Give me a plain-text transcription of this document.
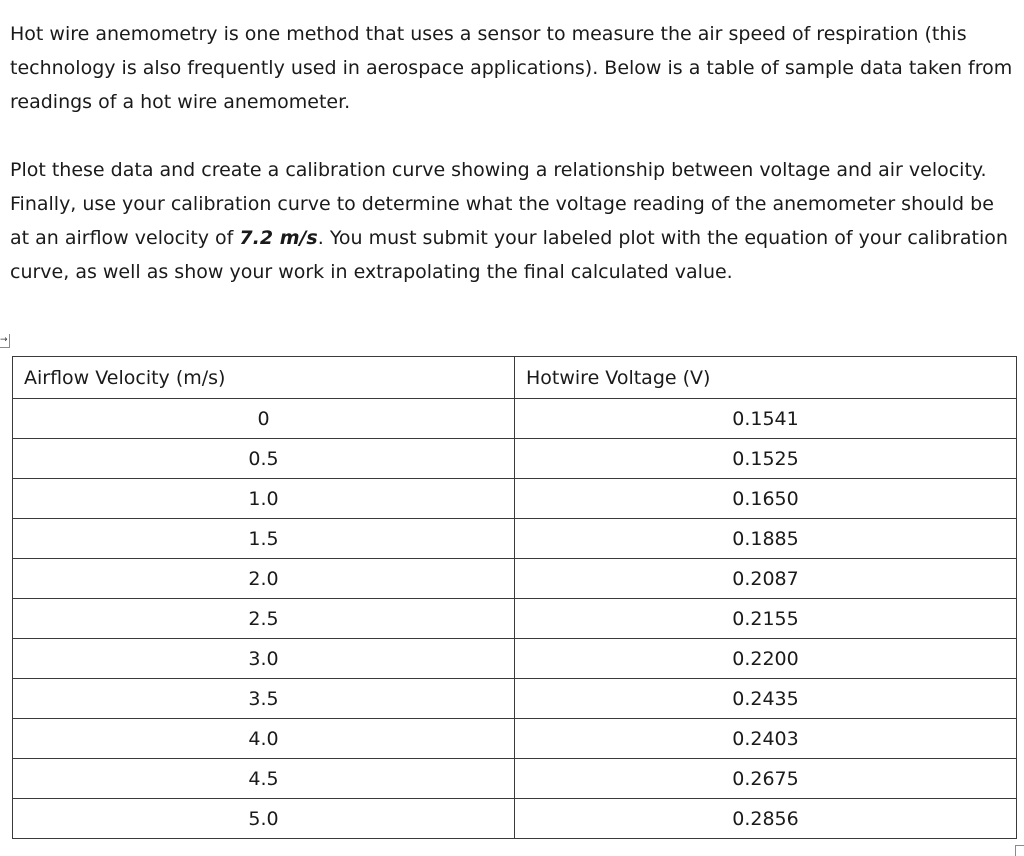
Hot wire anemometry is one method that uses a sensor to measure the air speed of respiration (this technology is also frequently used in aerospace applications). Below is a table of sample data taken from readings of a hot wire anemometer.

Plot these data and create a calibration curve showing a relationship between voltage and air velocity. Finally, use your calibration curve to determine what the voltage reading of the anemometer should be at an airflow velocity of 7.2 m/s. You must submit your labeled plot with the equation of your calibration curve, as well as show your work in extrapolating the final calculated value.

→
Airflow Velocity (m/s)	Hotwire Voltage (V)
0	0.1541
0.5	0.1525
1.0	0.1650
1.5	0.1885
2.0	0.2087
2.5	0.2155
3.0	0.2200
3.5	0.2435
4.0	0.2403
4.5	0.2675
5.0	0.2856
